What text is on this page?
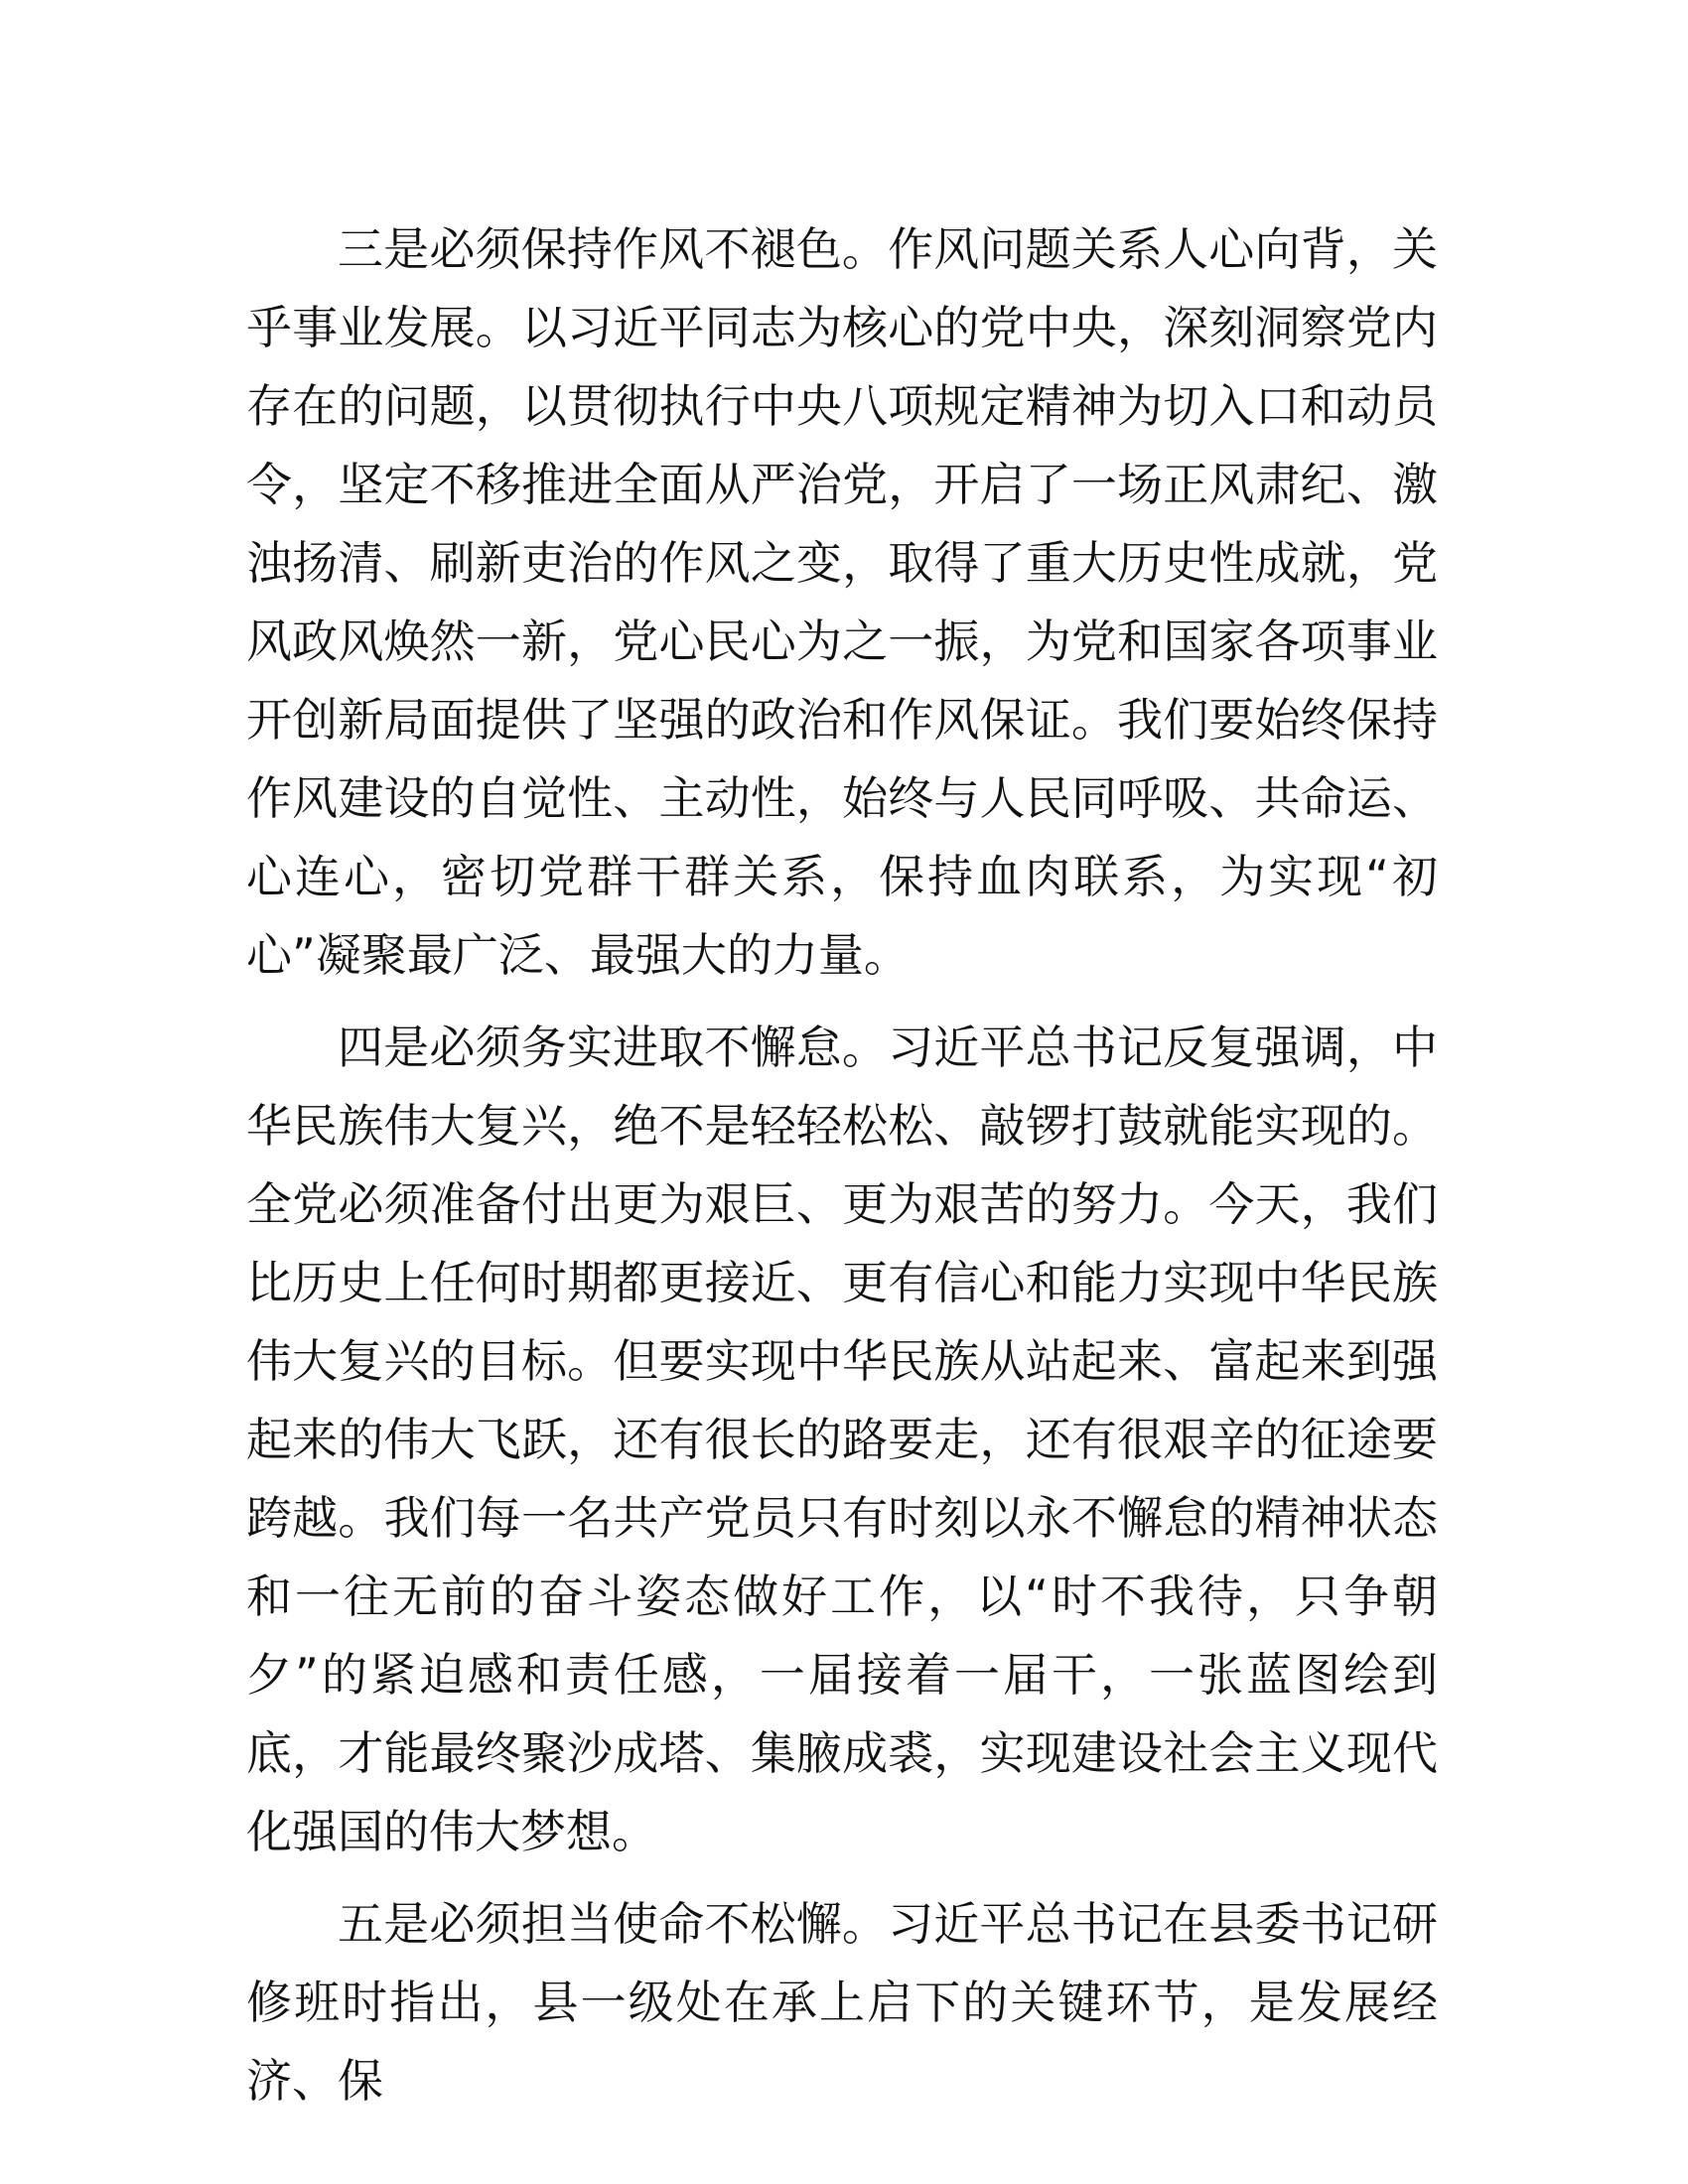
三是必须保持作风不褪色。作风问题关系人心向背，关乎事业发展。以习近平同志为核心的党中央，深刻洞察党内存在的问题，以贯彻执行中央八项规定精神为切入口和动员令，坚定不移推进全面从严治党，开启了一场正风肃纪、激浊扬清、刷新吏治的作风之变，取得了重大历史性成就，党风政风焕然一新，党心民心为之一振，为党和国家各项事业开创新局面提供了坚强的政治和作风保证。我们要始终保持作风建设的自觉性、主动性，始终与人民同呼吸、共命运、心连心，密切党群干群关系，保持血肉联系，为实现“初心”凝聚最广泛、最强大的力量。

四是必须务实进取不懈怠。习近平总书记反复强调，中华民族伟大复兴，绝不是轻轻松松、敲锣打鼓就能实现的。全党必须准备付出更为艰巨、更为艰苦的努力。今天，我们比历史上任何时期都更接近、更有信心和能力实现中华民族伟大复兴的目标。但要实现中华民族从站起来、富起来到强起来的伟大飞跃，还有很长的路要走，还有很艰辛的征途要跨越。我们每一名共产党员只有时刻以永不懈怠的精神状态和一往无前的奋斗姿态做好工作，以“时不我待，只争朝夕”的紧迫感和责任感，一届接着一届干，一张蓝图绘到底，才能最终聚沙成塔、集腋成裘，实现建设社会主义现代化强国的伟大梦想。

五是必须担当使命不松懈。习近平总书记在县委书记研修班时指出，县一级处在承上启下的关键环节，是发展经济、保
